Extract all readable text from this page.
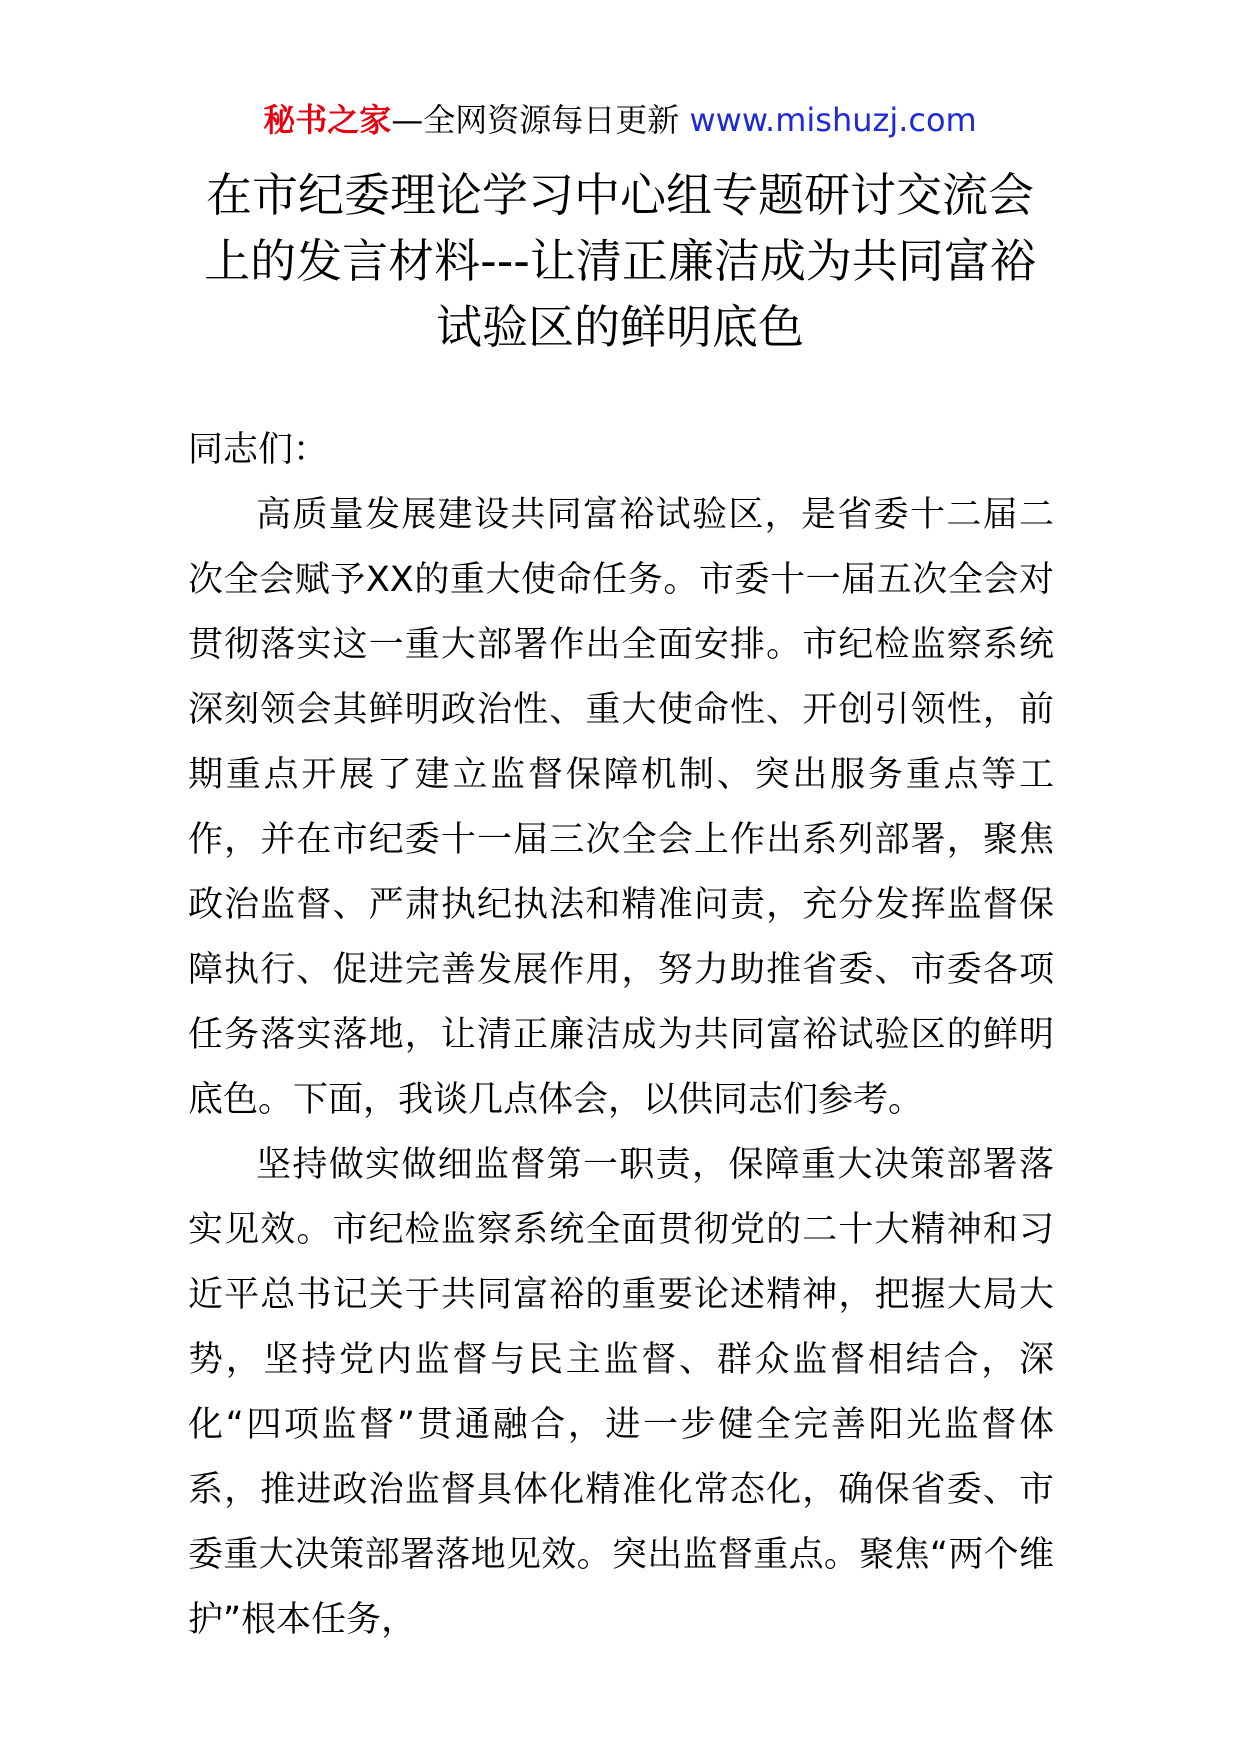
秘书之家—全网资源每日更新 www.mishuzj.com
在市纪委理论学习中心组专题研讨交流会
上的发言材料---让清正廉洁成为共同富裕
试验区的鲜明底色

同志们：

高质量发展建设共同富裕试验区，是省委十二届二次全会赋予XX的重大使命任务。市委十一届五次全会对贯彻落实这一重大部署作出全面安排。市纪检监察系统深刻领会其鲜明政治性、重大使命性、开创引领性，前期重点开展了建立监督保障机制、突出服务重点等工作，并在市纪委十一届三次全会上作出系列部署，聚焦政治监督、严肃执纪执法和精准问责，充分发挥监督保障执行、促进完善发展作用，努力助推省委、市委各项任务落实落地，让清正廉洁成为共同富裕试验区的鲜明底色。下面，我谈几点体会，以供同志们参考。

坚持做实做细监督第一职责，保障重大决策部署落实见效。市纪检监察系统全面贯彻党的二十大精神和习近平总书记关于共同富裕的重要论述精神，把握大局大势，坚持党内监督与民主监督、群众监督相结合，深化“四项监督”贯通融合，进一步健全完善阳光监督体系，推进政治监督具体化精准化常态化，确保省委、市委重大决策部署落地见效。突出监督重点。聚焦“两个维护”根本任务，
